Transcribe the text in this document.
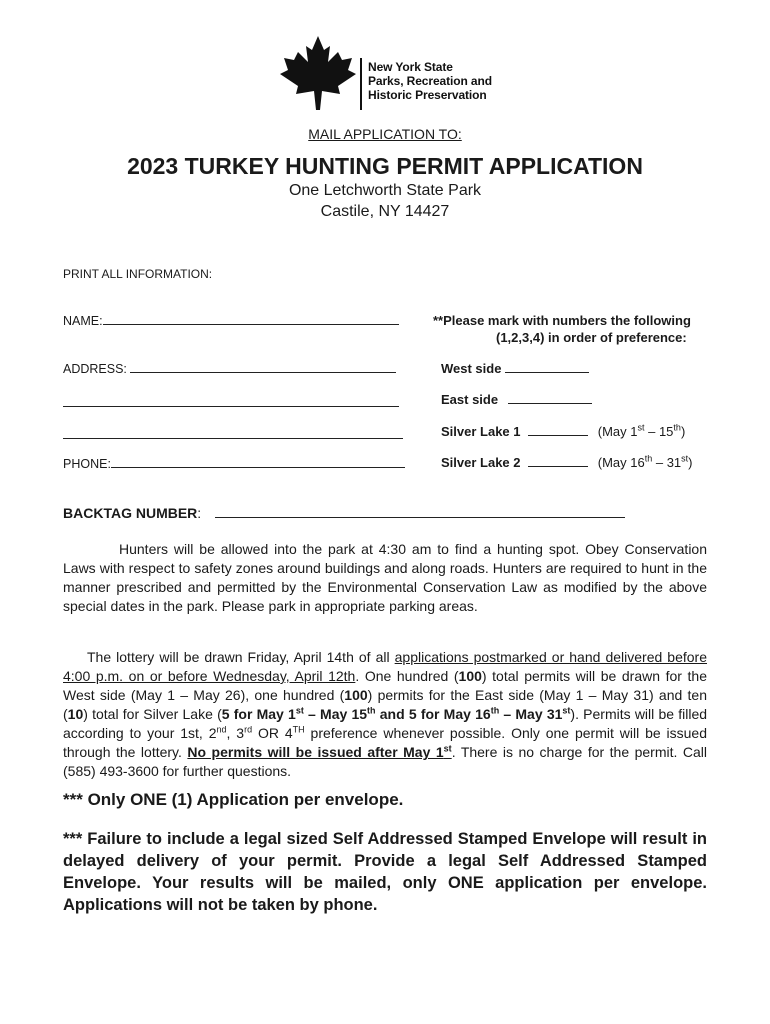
New York State
Parks, Recreation and
Historic Preservation
MAIL APPLICATION TO:
2023 TURKEY HUNTING PERMIT APPLICATION
One Letchworth State Park
Castile, NY 14427
PRINT ALL INFORMATION:
NAME:
ADDRESS:
PHONE:
**Please mark with numbers the following
(1,2,3,4) in order of preference:
West side
East side
Silver Lake 1	(May 1st – 15th)
Silver Lake 2	(May 16th – 31st)
BACKTAG NUMBER:
Hunters will be allowed into the park at 4:30 am to find a hunting spot. Obey Conservation Laws with respect to safety zones around buildings and along roads. Hunters are required to hunt in the manner prescribed and permitted by the Environmental Conservation Law as modified by the above special dates in the park. Please park in appropriate parking areas.
The lottery will be drawn Friday, April 14th of all applications postmarked or hand delivered before 4:00 p.m. on or before Wednesday, April 12th. One hundred (100) total permits will be drawn for the West side (May 1 – May 26), one hundred (100) permits for the East side (May 1 – May 31) and ten (10) total for Silver Lake (5 for May 1st – May 15th and 5 for May 16th – May 31st). Permits will be filled according to your 1st, 2nd, 3rd OR 4TH preference whenever possible. Only one permit will be issued through the lottery. No permits will be issued after May 1st. There is no charge for the permit. Call (585) 493-3600 for further questions.
*** Only ONE (1) Application per envelope.
*** Failure to include a legal sized Self Addressed Stamped Envelope will result in delayed delivery of your permit. Provide a legal Self Addressed Stamped Envelope. Your results will be mailed, only ONE application per envelope. Applications will not be taken by phone.
